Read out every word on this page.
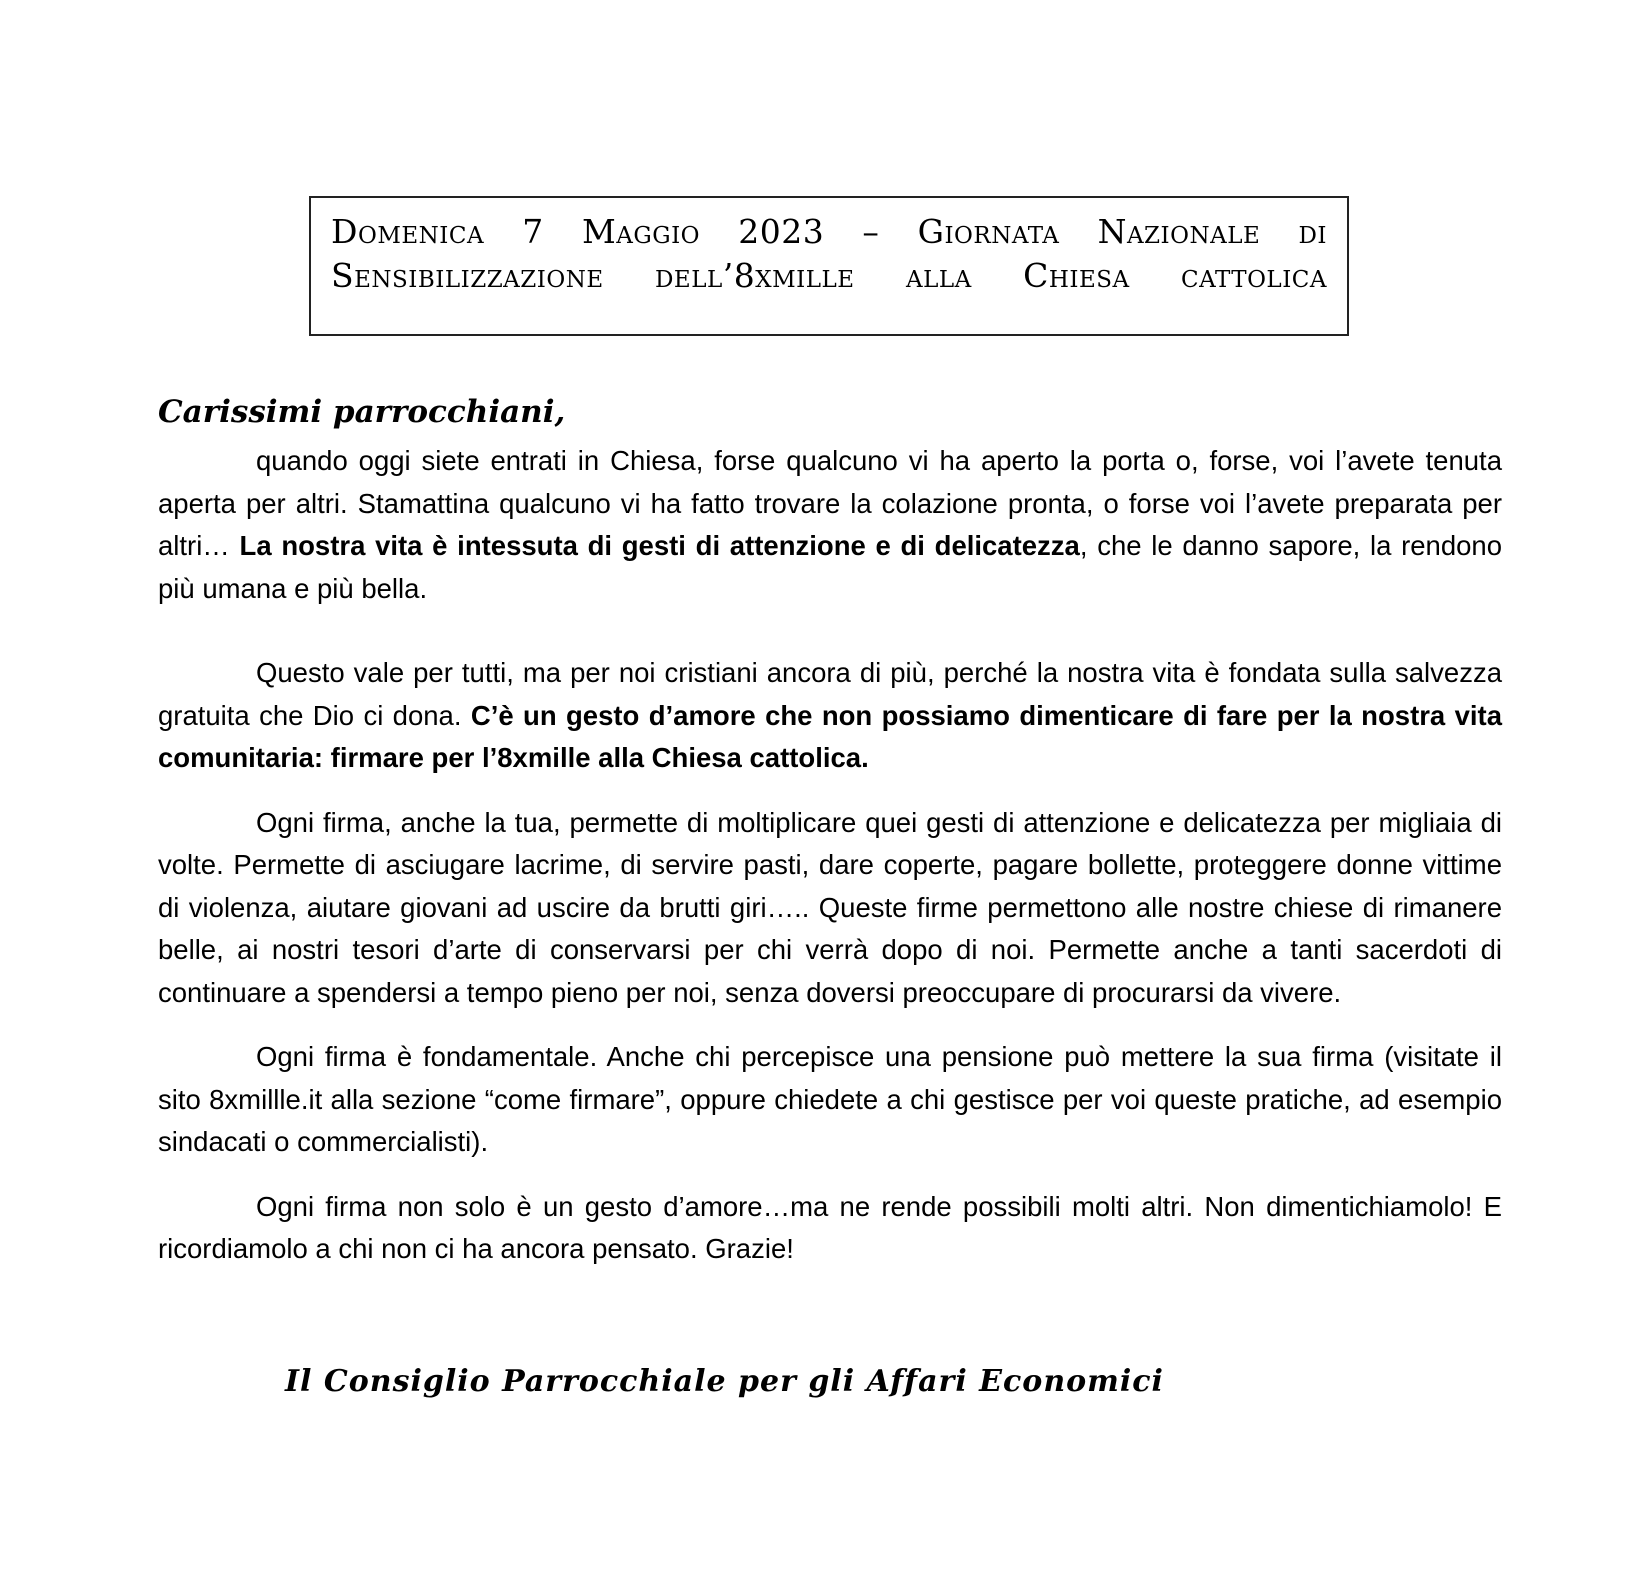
Domenica 7 Maggio 2023 – Giornata Nazionale di
Sensibilizzazione dell’8xmille alla Chiesa cattolica
Carissimi parrocchiani,

quando oggi siete entrati in Chiesa, forse qualcuno vi ha aperto la porta o, forse, voi l’avete tenuta aperta per altri. Stamattina qualcuno vi ha fatto trovare la colazione pronta, o forse voi l’avete preparata per altri… La nostra vita è intessuta di gesti di attenzione e di delicatezza, che le danno sapore, la rendono più umana e più bella.

Questo vale per tutti, ma per noi cristiani ancora di più, perché la nostra vita è fondata sulla salvezza gratuita che Dio ci dona. C’è un gesto d’amore che non possiamo dimenticare di fare per la nostra vita comunitaria: firmare per l’8xmille alla Chiesa cattolica.

Ogni firma, anche la tua, permette di moltiplicare quei gesti di attenzione e delicatezza per migliaia di volte. Permette di asciugare lacrime, di servire pasti, dare coperte, pagare bollette, proteggere donne vittime di violenza, aiutare giovani ad uscire da brutti giri….. Queste firme permettono alle nostre chiese di rimanere belle, ai nostri tesori d’arte di conservarsi per chi verrà dopo di noi. Permette anche a tanti sacerdoti di continuare a spendersi a tempo pieno per noi, senza doversi preoccupare di procurarsi da vivere.

Ogni firma è fondamentale. Anche chi percepisce una pensione può mettere la sua firma (visitate il sito 8xmillle.it alla sezione “come firmare”, oppure chiedete a chi gestisce per voi queste pratiche, ad esempio sindacati o commercialisti).

Ogni firma non solo è un gesto d’amore…ma ne rende possibili molti altri. Non dimentichiamolo! E ricordiamolo a chi non ci ha ancora pensato. Grazie!

Il Consiglio Parrocchiale per gli Affari Economici
